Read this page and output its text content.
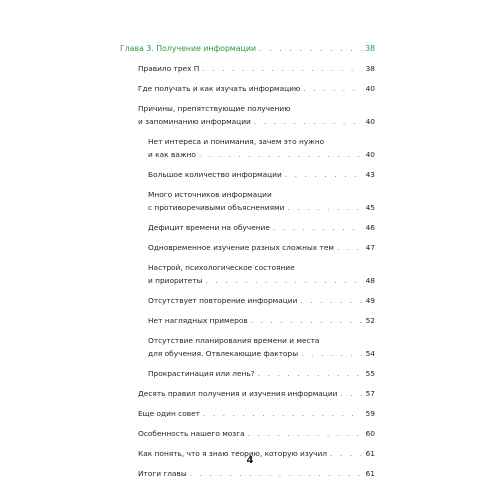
Глава 3. Получение информации . . .	38
Правило трех П . . .	38
Где получать и как изучать информацию . . .	40
Причины, препятствующие получению
и запоминанию информации . . .	40
Нет интереса и понимания, зачем это нужно
и как важно . . .	40
Большое количество информации . . .	43
Много источников информации
с противоречивыми объяснениями . . .	45
Дефицит времени на обучение . . .	46
Одновременное изучение разных сложных тем . . .	47
Настрой, психологическое состояние
и приоритеты . . .	48
Отсутствует повторение информации . . .	49
Нет наглядных примеров . . .	52
Отсутствие планирования времени и места
для обучения. Отвлекающие факторы . . .	54
Прокрастинация или лень? . . .	55
Десять правил получения и изучения информации . . .	57
Еще один совет . . .	59
Особенность нашего мозга . . .	60
Как понять, что я знаю теорию, которую изучил . . .	61
Итоги главы . . .	61
4
